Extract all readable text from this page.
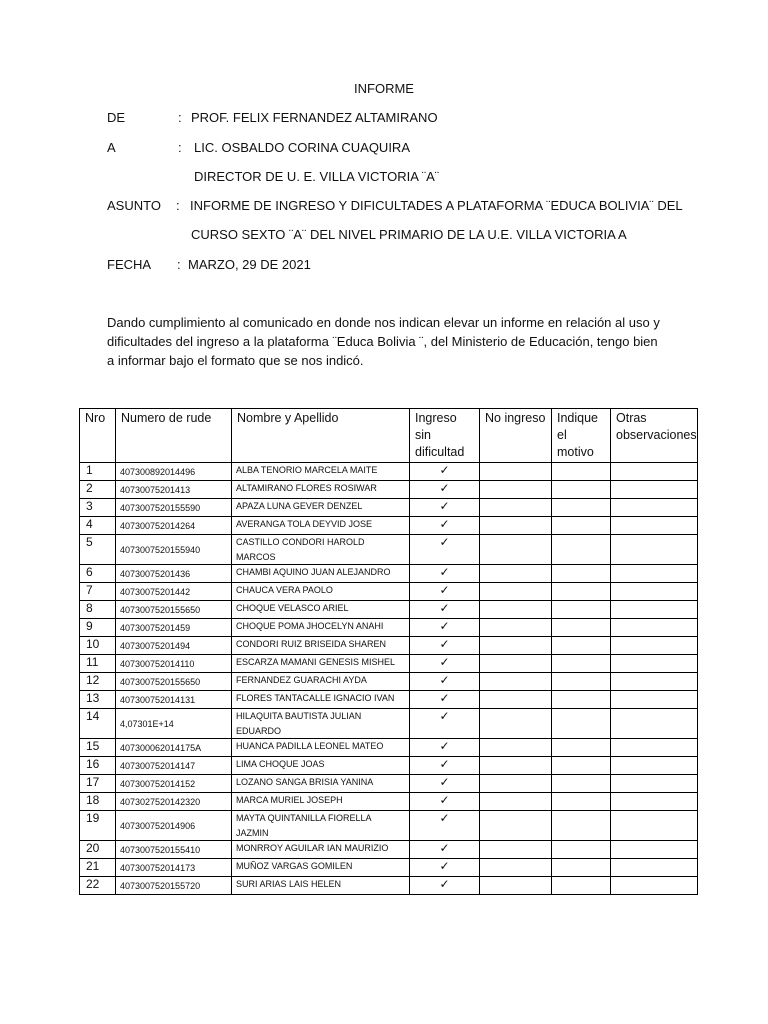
INFORME
DE	: PROF. FELIX FERNANDEZ ALTAMIRANO
A	: LIC. OSBALDO CORINA CUAQUIRA
DIRECTOR DE U. E. VILLA VICTORIA ¨A¨
ASUNTO : INFORME DE INGRESO Y DIFICULTADES A PLATAFORMA ¨EDUCA BOLIVIA¨ DEL
CURSO SEXTO ¨A¨ DEL NIVEL PRIMARIO DE LA U.E. VILLA VICTORIA A
FECHA : MARZO, 29 DE 2021

Dando cumplimiento al comunicado en donde nos indican elevar un informe en relación al uso y dificultades del ingreso a la plataforma ¨Educa Bolivia ¨, del Ministerio de Educación, tengo bien a informar bajo el formato que se nos indicó.

Nro	Numero de rude	Nombre y Apellido	Ingreso sin dificultad	No ingreso	Indique el motivo	Otras observaciones
1	407300892014496	ALBA TENORIO MARCELA MAITE	✓			
2	40730075201413	ALTAMIRANO FLORES ROSIWAR	✓			
3	4073007520155590	APAZA LUNA GEVER DENZEL	✓			
4	407300752014264	AVERANGA TOLA DEYVID JOSE	✓			
5	4073007520155940	CASTILLO CONDORI HAROLD MARCOS	✓			
6	40730075201436	CHAMBI AQUINO JUAN ALEJANDRO	✓			
7	40730075201442	CHAUCA VERA PAOLO	✓			
8	4073007520155650	CHOQUE VELASCO ARIEL	✓			
9	40730075201459	CHOQUE POMA JHOCELYN ANAHI	✓			
10	40730075201494	CONDORI RUIZ BRISEIDA SHAREN	✓			
11	407300752014110	ESCARZA MAMANI GENESIS MISHEL	✓			
12	4073007520155650	FERNANDEZ GUARACHI AYDA	✓			
13	407300752014131	FLORES TANTACALLE IGNACIO IVAN	✓			
14	4,07301E+14	HILAQUITA BAUTISTA JULIAN EDUARDO	✓			
15	407300062014175A	HUANCA PADILLA LEONEL MATEO	✓			
16	407300752014147	LIMA CHOQUE JOAS	✓			
17	407300752014152	LOZANO SANGA BRISIA YANINA	✓			
18	4073027520142320	MARCA MURIEL JOSEPH	✓			
19	407300752014906	MAYTA QUINTANILLA FIORELLA JAZMIN	✓			
20	4073007520155410	MONRROY AGUILAR IAN MAURIZIO	✓			
21	407300752014173	MUÑOZ VARGAS GOMILEN	✓			
22	4073007520155720	SURI ARIAS LAIS HELEN	✓			
